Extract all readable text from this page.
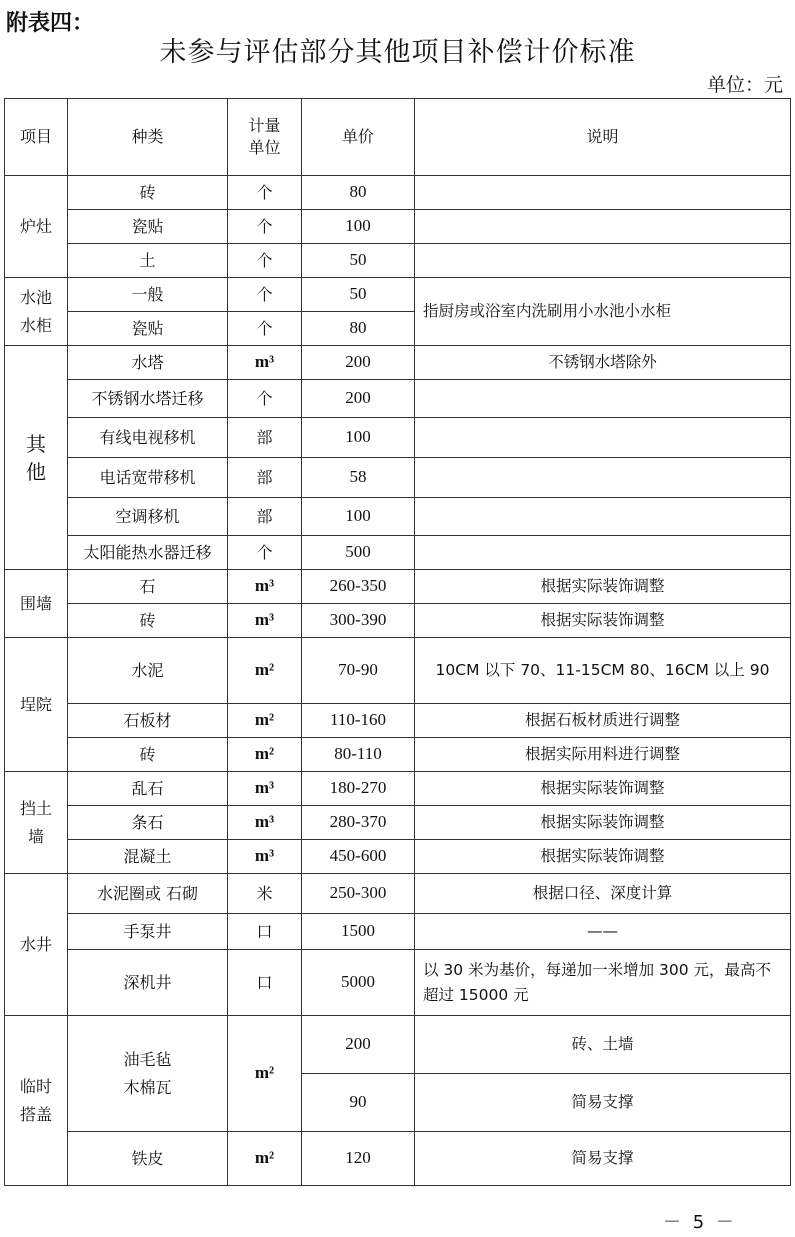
附表四：
未参与评估部分其他项目补偿计价标准
单位：元
项目	种类	计量单位	单价	说明
炉灶	砖	个	80	
	瓷贴	个	100	
	土	个	50	
水池水柜	一般	个	50	指厨房或浴室内洗刷用小水池小水柜
	瓷贴	个	80	
其他	水塔	m³	200	不锈钢水塔除外
	不锈钢水塔迁移	个	200	
	有线电视移机	部	100	
	电话宽带移机	部	58	
	空调移机	部	100	
	太阳能热水器迁移	个	500	
围墙	石	m³	260-350	根据实际装饰调整
	砖	m³	300-390	根据实际装饰调整
埕院	水泥	m²	70-90	10CM 以下 70、11-15CM 80、16CM 以上 90
	石板材	m²	110-160	根据石板材质进行调整
	砖	m²	80-110	根据实际用料进行调整
挡土墙	乱石	m³	180-270	根据实际装饰调整
	条石	m³	280-370	根据实际装饰调整
	混凝土	m³	450-600	根据实际装饰调整
水井	水泥圈或 石砌	米	250-300	根据口径、深度计算
	手泵井	口	1500	——
	深机井	口	5000	以 30 米为基价，每递加一米增加 300 元，最高不 超过 15000 元
临时搭盖	油毛毡木棉瓦	m²	200	砖、土墙
			90	简易支撑
	铁皮	m²	120	简易支撑
－ 5 －
